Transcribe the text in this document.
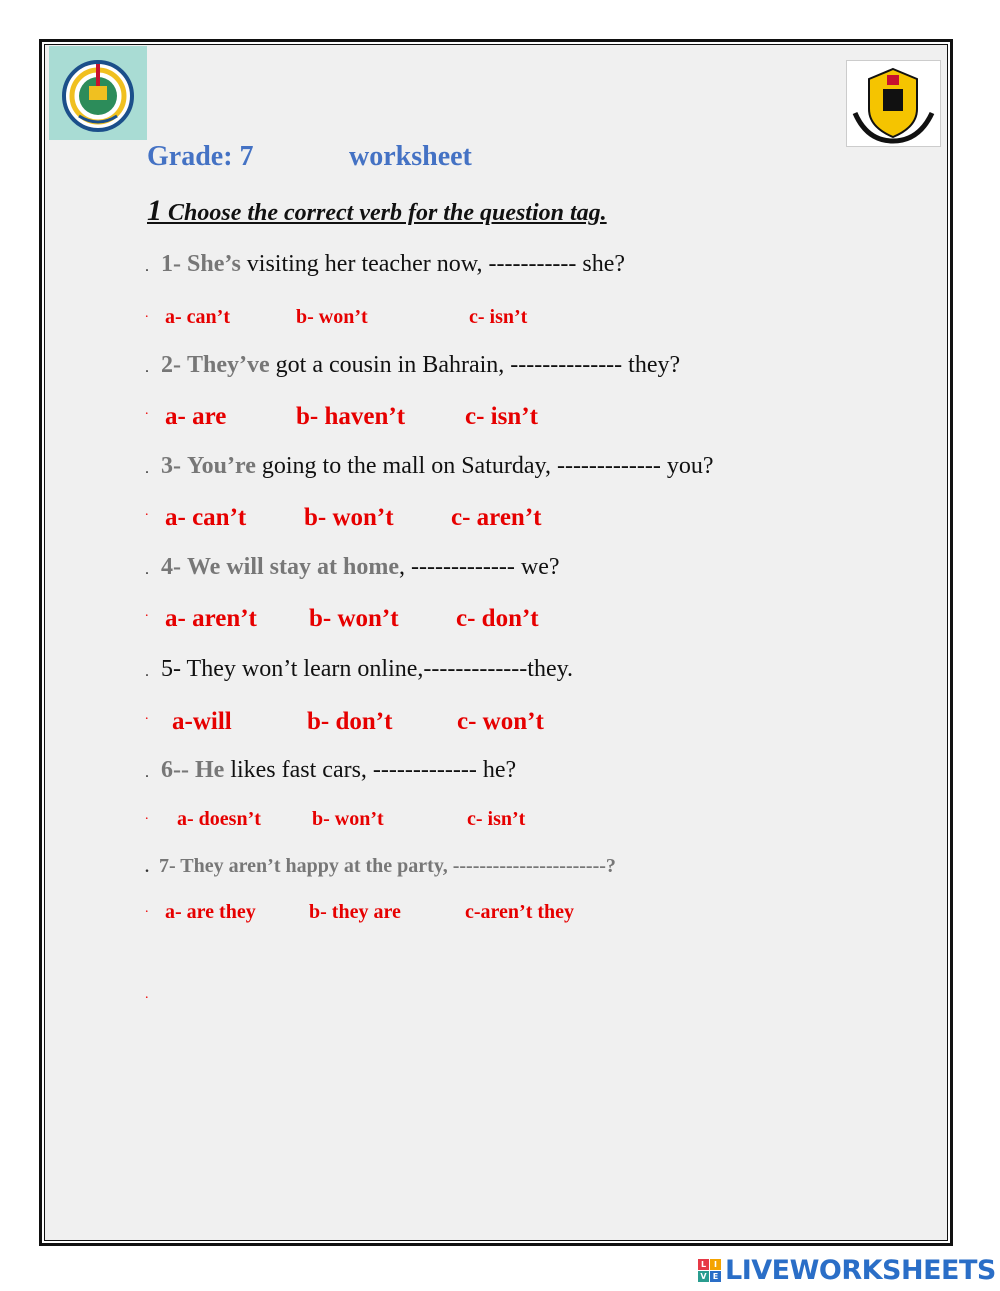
Grade: 7	worksheet
1 Choose the correct verb for the question tag.
. 1- She’s visiting her teacher now, ----------- she?
. a- can’t	b- won’t	c- isn’t
. 2- They’ve got a cousin in Bahrain, -------------- they?
. a- are	b- haven’t c- isn’t
. 3- You’re going to the mall on Saturday, ------------- you?
. a- can’t b- won’t c- aren’t
. 4- We will stay at home, ------------- we?
. a- aren’t b- won’t c- don’t
. 5- They won’t learn online,-------------they.
. a-will	b- don’t	c- won’t
. 6-- He likes fast cars, ------------- he?
. a- doesn’t	b- won’t	c- isn’t
. 7- They aren’t happy at the party, -----------------------?
. a- are they	b- they are	c-aren’t they
.
L I
V E LIVEWORKSHEETS
